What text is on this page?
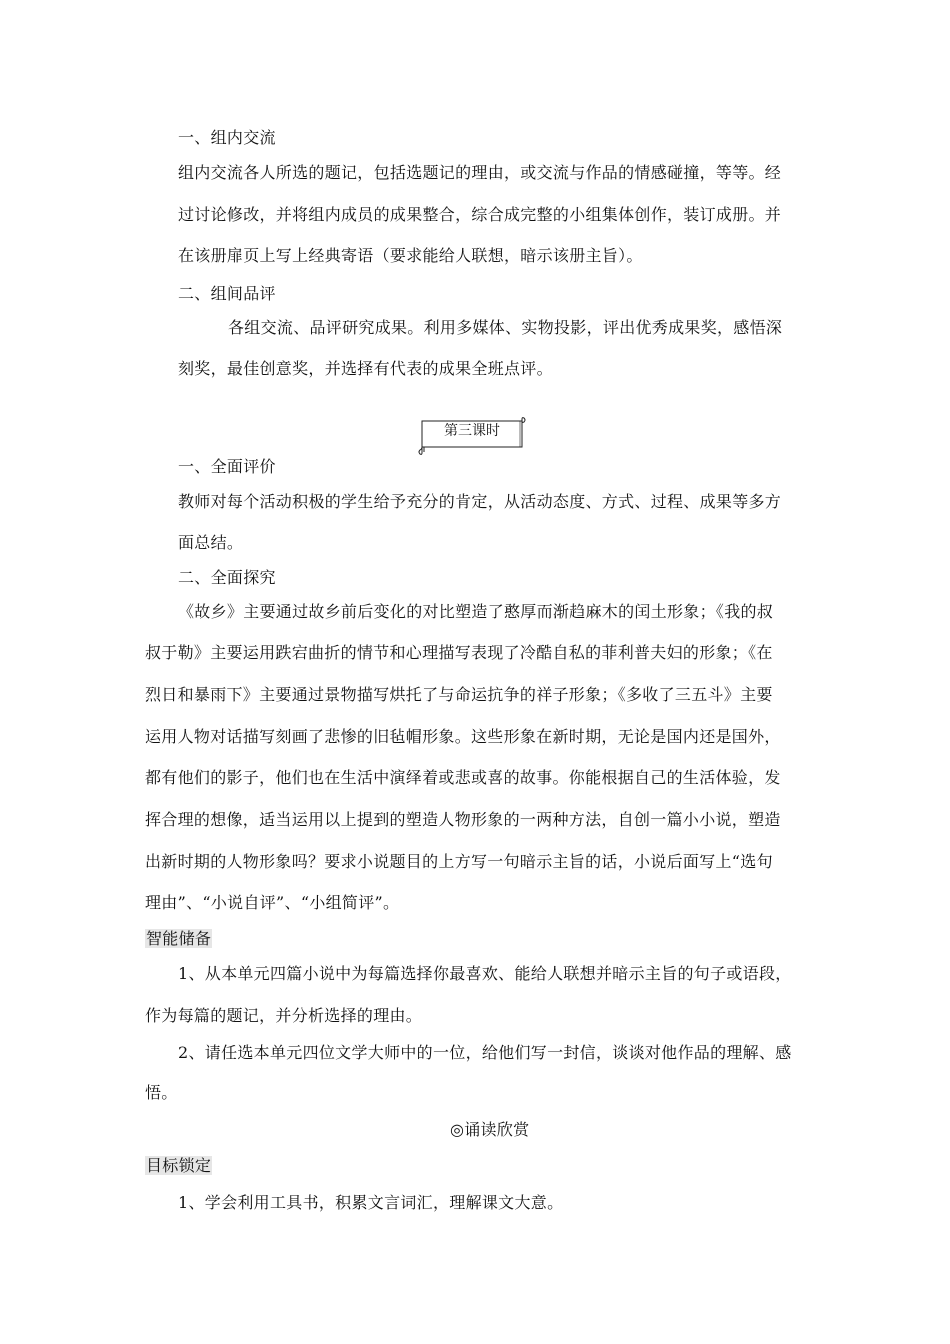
一、组内交流
组内交流各人所选的题记，包括选题记的理由，或交流与作品的情感碰撞，等等。经
过讨论修改，并将组内成员的成果整合，综合成完整的小组集体创作，装订成册。并
在该册扉页上写上经典寄语（要求能给人联想，暗示该册主旨）。
二、组间品评
各组交流、品评研究成果。利用多媒体、实物投影，评出优秀成果奖，感悟深
刻奖，最佳创意奖，并选择有代表的成果全班点评。
第三课时
一、全面评价
教师对每个活动积极的学生给予充分的肯定，从活动态度、方式、过程、成果等多方
面总结。
二、全面探究
《故乡》主要通过故乡前后变化的对比塑造了憨厚而渐趋麻木的闰土形象；《我的叔
叔于勒》主要运用跌宕曲折的情节和心理描写表现了冷酷自私的菲利普夫妇的形象；《在
烈日和暴雨下》主要通过景物描写烘托了与命运抗争的祥子形象；《多收了三五斗》主要
运用人物对话描写刻画了悲惨的旧毡帽形象。这些形象在新时期，无论是国内还是国外，
都有他们的影子，他们也在生活中演绎着或悲或喜的故事。你能根据自己的生活体验，发
挥合理的想像，适当运用以上提到的塑造人物形象的一两种方法，自创一篇小小说，塑造
出新时期的人物形象吗？要求小说题目的上方写一句暗示主旨的话，小说后面写上“选句
理由”、“小说自评”、“小组简评”。
智能储备
1、从本单元四篇小说中为每篇选择你最喜欢、能给人联想并暗示主旨的句子或语段，
作为每篇的题记，并分析选择的理由。
2、请任选本单元四位文学大师中的一位，给他们写一封信，谈谈对他作品的理解、感
悟。
◎诵读欣赏
目标锁定
1、学会利用工具书，积累文言词汇，理解课文大意。
